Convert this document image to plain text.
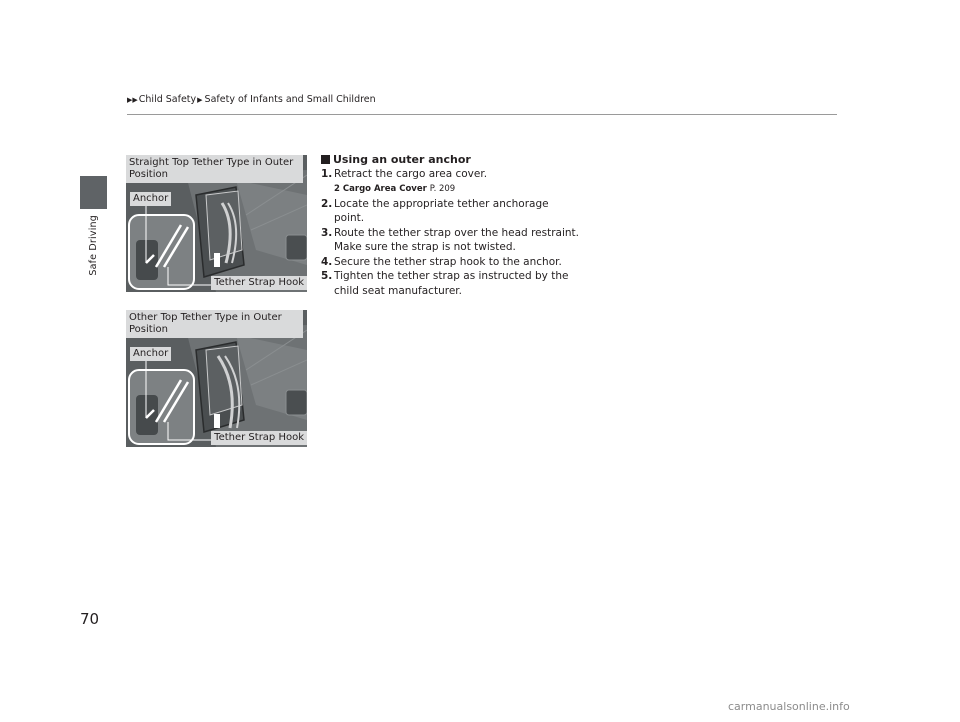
▶▶ Child Safety ▶ Safety of Infants and Small Children
Safe Driving
Straight Top Tether Type in Outer Position
Anchor
Tether Strap Hook
Other Top Tether Type in Outer Position
Anchor
Tether Strap Hook
Using an outer anchor
1. Retract the cargo area cover.
2 Cargo Area Cover P. 209
2. Locate the appropriate tether anchorage point.
3. Route the tether strap over the head restraint. Make sure the strap is not twisted.
4. Secure the tether strap hook to the anchor.
5. Tighten the tether strap as instructed by the child seat manufacturer.
70
carmanualsonline.info
